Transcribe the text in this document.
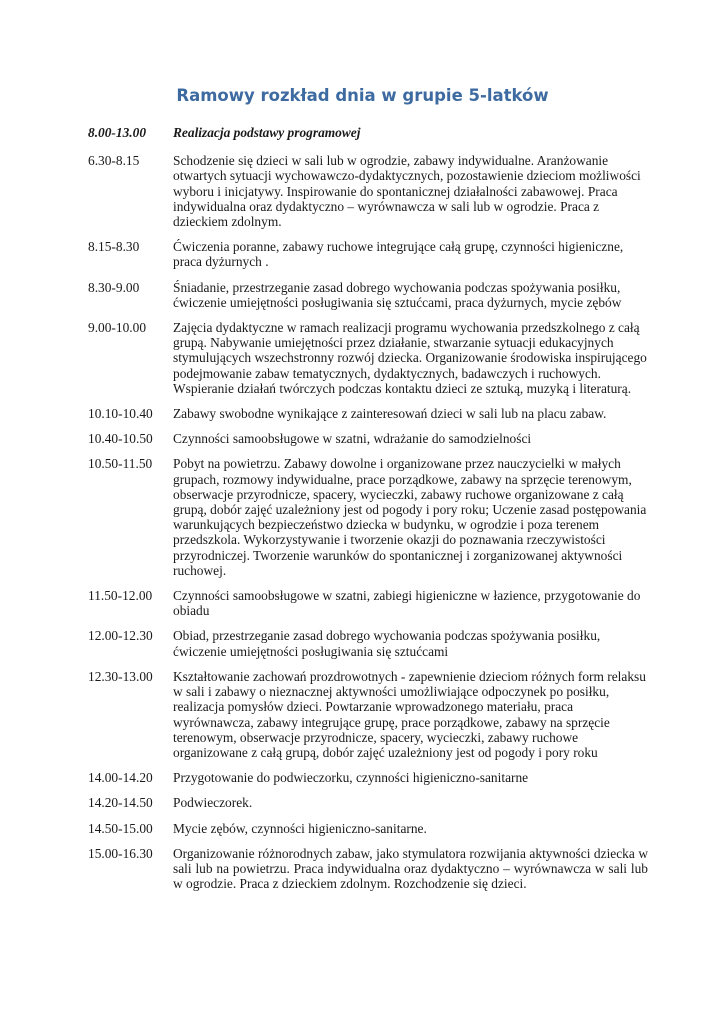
Ramowy rozkład dnia w grupie 5-latków
8.00-13.00	Realizacja podstawy programowej
6.30-8.15	Schodzenie się dzieci w sali lub w ogrodzie, zabawy indywidualne. Aranżowanie otwartych sytuacji wychowawczo-dydaktycznych, pozostawienie dzieciom możliwości wyboru i inicjatywy. Inspirowanie do spontanicznej działalności zabawowej. Praca indywidualna oraz dydaktyczno – wyrównawcza w sali lub w ogrodzie. Praca z dzieckiem zdolnym.
8.15-8.30	Ćwiczenia poranne, zabawy ruchowe integrujące całą grupę, czynności higieniczne, praca dyżurnych .
8.30-9.00	Śniadanie, przestrzeganie zasad dobrego wychowania podczas spożywania posiłku, ćwiczenie umiejętności posługiwania się sztućcami, praca dyżurnych, mycie zębów
9.00-10.00	Zajęcia dydaktyczne w ramach realizacji programu wychowania przedszkolnego z całą grupą. Nabywanie umiejętności przez działanie, stwarzanie sytuacji edukacyjnych stymulujących wszechstronny rozwój dziecka. Organizowanie środowiska inspirującego podejmowanie zabaw tematycznych, dydaktycznych, badawczych i ruchowych. Wspieranie działań twórczych podczas kontaktu dzieci ze sztuką, muzyką i literaturą.
10.10-10.40	Zabawy swobodne wynikające z zainteresowań dzieci w sali lub na placu zabaw.
10.40-10.50	Czynności samoobsługowe w szatni, wdrażanie do samodzielności
10.50-11.50	Pobyt na powietrzu. Zabawy dowolne i organizowane przez nauczycielki w małych grupach, rozmowy indywidualne, prace porządkowe, zabawy na sprzęcie terenowym, obserwacje przyrodnicze, spacery, wycieczki, zabawy ruchowe organizowane z całą grupą, dobór zajęć uzależniony jest od pogody i pory roku; Uczenie zasad postępowania warunkujących bezpieczeństwo dziecka w budynku, w ogrodzie i poza terenem przedszkola. Wykorzystywanie i tworzenie okazji do poznawania rzeczywistości przyrodniczej. Tworzenie warunków do spontanicznej i zorganizowanej aktywności ruchowej.
11.50-12.00	Czynności samoobsługowe w szatni, zabiegi higieniczne w łazience, przygotowanie do obiadu
12.00-12.30	Obiad, przestrzeganie zasad dobrego wychowania podczas spożywania posiłku, ćwiczenie umiejętności posługiwania się sztućcami
12.30-13.00	Kształtowanie zachowań prozdrowotnych - zapewnienie dzieciom różnych form relaksu w sali i zabawy o nieznacznej aktywności umożliwiające odpoczynek po posiłku, realizacja pomysłów dzieci. Powtarzanie wprowadzonego materiału, praca wyrównawcza, zabawy integrujące grupę, prace porządkowe, zabawy na sprzęcie terenowym, obserwacje przyrodnicze, spacery, wycieczki, zabawy ruchowe organizowane z całą grupą, dobór zajęć uzależniony jest od pogody i pory roku
14.00-14.20	Przygotowanie do podwieczorku, czynności higieniczno-sanitarne
14.20-14.50	Podwieczorek.
14.50-15.00	Mycie zębów, czynności higieniczno-sanitarne.
15.00-16.30	Organizowanie różnorodnych zabaw, jako stymulatora rozwijania aktywności dziecka w sali lub na powietrzu. Praca indywidualna oraz dydaktyczno – wyrównawcza w sali lub w ogrodzie. Praca z dzieckiem zdolnym. Rozchodzenie się dzieci.
